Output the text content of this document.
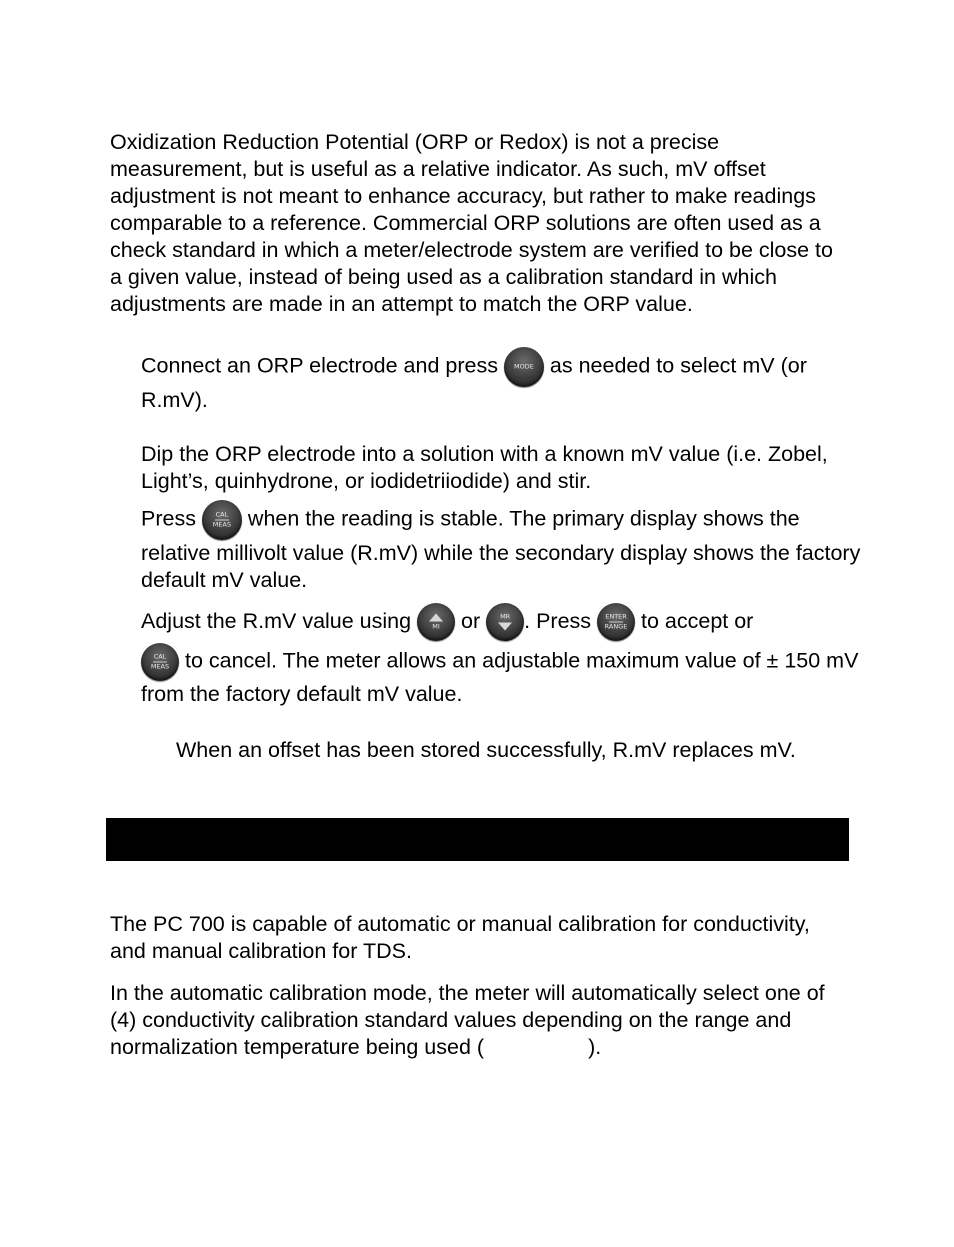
Oxidization Reduction Potential (ORP or Redox) is not a precise measurement, but is useful as a relative indicator. As such, mV offset adjustment is not meant to enhance accuracy, but rather to make readings comparable to a reference. Commercial ORP solutions are often used as a check standard in which a meter/electrode system are verified to be close to a given value, instead of being used as a calibration standard in which adjustments are made in an attempt to match the ORP value.

Connect an ORP electrode and press	MODE as needed to select mV (or R.mV).

Dip the ORP electrode into a solution with a known mV value (i.e. Zobel, Light’s, quinhydrone, or iodidetriiodide) and stir.

Press	CAL
MEAS when the reading is stable. The primary display shows the relative millivolt value (R.mV) while the secondary display shows the factory default mV value.

Adjust the R.mV value using	MI or	MR . Press	ENTER
RANGE to accept or

CAL
MEAS to cancel. The meter allows an adjustable maximum value of ± 150 mV from the factory default mV value.

When an offset has been stored successfully, R.mV replaces mV.

The PC 700 is capable of automatic or manual calibration for conductivity, and manual calibration for TDS.

In the automatic calibration mode, the meter will automatically select one of (4) conductivity calibration standard values depending on the range and normalization temperature being used (	).
